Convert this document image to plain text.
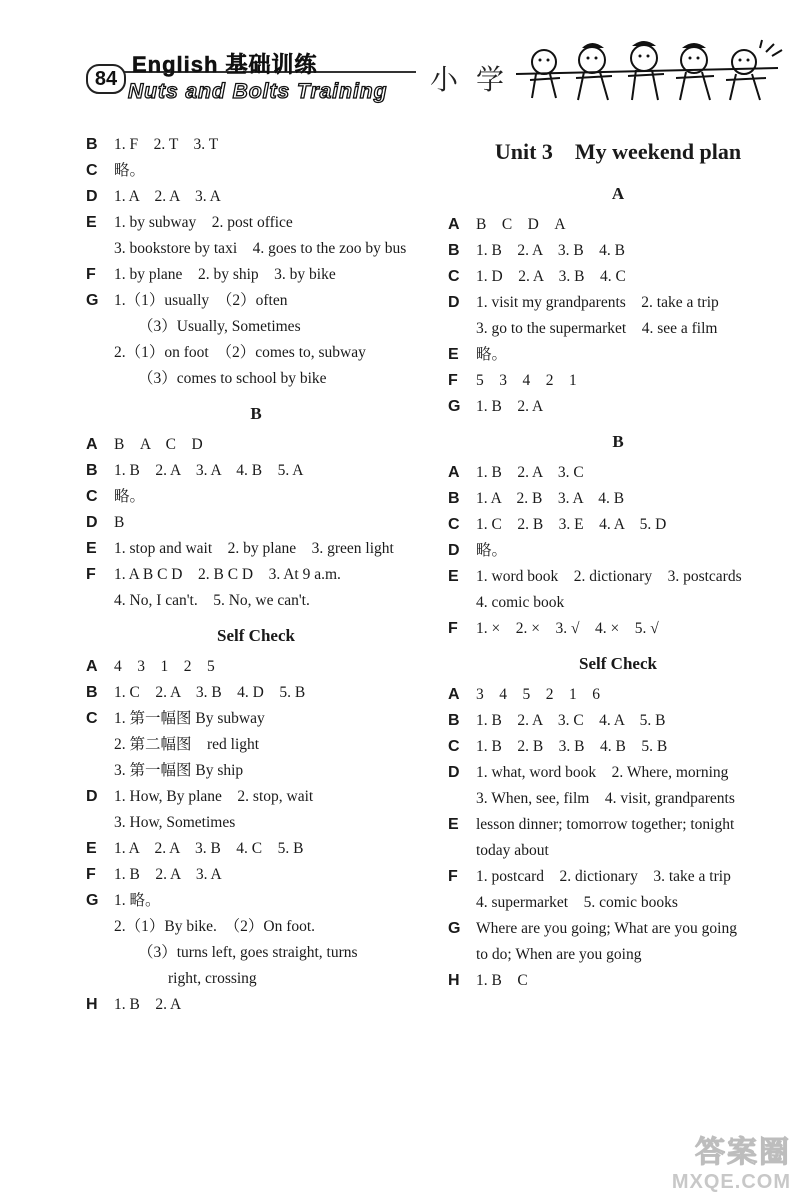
84
English 基础训练
Nuts and Bolts Training 小学
B 1. F　2. T　3. T
C 略。
D 1. A　2. A　3. A
E 1. by subway　2. post office
3. bookstore by taxi　4. goes to the zoo by bus
F 1. by plane　2. by ship　3. by bike
G 1.（1）usually　（2）often
（3）Usually, Sometimes
2.（1）on foot　（2）comes to, subway
（3）comes to school by bike
B
A B　A　C　D
B 1. B　2. A　3. A　4. B　5. A
C 略。
D B
E 1. stop and wait　2. by plane　3. green light
F 1. A B C D　2. B C D　3. At 9 a.m.
4. No, I can't.　5. No, we can't.
Self Check
A 4　3　1　2　5
B 1. C　2. A　3. B　4. D　5. B
C 1. 第一幅图 By subway
2. 第二幅图　red light
3. 第一幅图 By ship
D 1. How, By plane　2. stop, wait
3. How, Sometimes
E 1. A　2. A　3. B　4. C　5. B
F 1. B　2. A　3. A
G 1. 略。
2.（1）By bike.　（2）On foot.
（3）turns left, goes straight, turns
right, crossing
H 1. B　2. A
Unit 3　My weekend plan
A
A B　C　D　A
B 1. B　2. A　3. B　4. B
C 1. D　2. A　3. B　4. C
D 1. visit my grandparents　2. take a trip
3. go to the supermarket　4. see a film
E 略。
F 5　3　4　2　1
G 1. B　2. A
B
A 1. B　2. A　3. C
B 1. A　2. B　3. A　4. B
C 1. C　2. B　3. E　4. A　5. D
D 略。
E 1. word book　2. dictionary　3. postcards
4. comic book
F 1. ×　2. ×　3. √　4. ×　5. √
Self Check
A 3　4　5　2　1　6
B 1. B　2. A　3. C　4. A　5. B
C 1. B　2. B　3. B　4. B　5. B
D 1. what, word book　2. Where, morning
3. When, see, film　4. visit, grandparents
E lesson dinner; tomorrow together; tonight
today about
F 1. postcard　2. dictionary　3. take a trip
4. supermarket　5. comic books
G Where are you going; What are you going
to do; When are you going
H 1. B　C
答案圈
MXQE.COM
